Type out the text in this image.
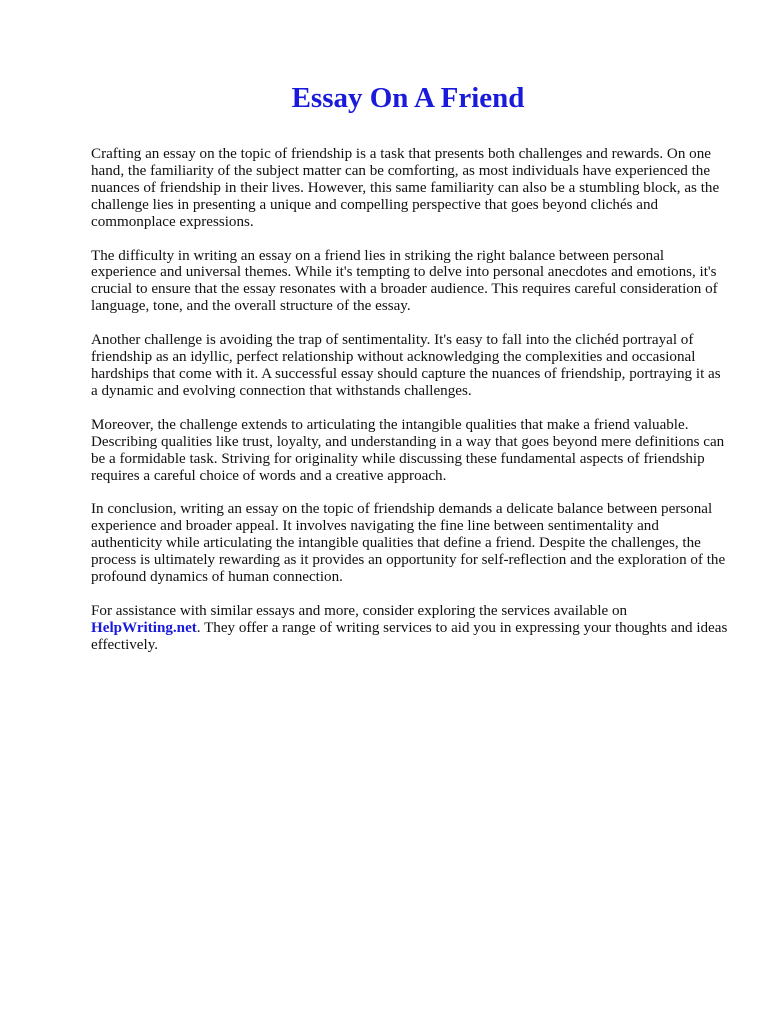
Essay On A Friend

Crafting an essay on the topic of friendship is a task that presents both challenges and rewards. On one hand, the familiarity of the subject matter can be comforting, as most individuals have experienced the nuances of friendship in their lives. However, this same familiarity can also be a stumbling block, as the challenge lies in presenting a unique and compelling perspective that goes beyond clichés and commonplace expressions.

The difficulty in writing an essay on a friend lies in striking the right balance between personal experience and universal themes. While it's tempting to delve into personal anecdotes and emotions, it's crucial to ensure that the essay resonates with a broader audience. This requires careful consideration of language, tone, and the overall structure of the essay.

Another challenge is avoiding the trap of sentimentality. It's easy to fall into the clichéd portrayal of friendship as an idyllic, perfect relationship without acknowledging the complexities and occasional hardships that come with it. A successful essay should capture the nuances of friendship, portraying it as a dynamic and evolving connection that withstands challenges.

Moreover, the challenge extends to articulating the intangible qualities that make a friend valuable. Describing qualities like trust, loyalty, and understanding in a way that goes beyond mere definitions can be a formidable task. Striving for originality while discussing these fundamental aspects of friendship requires a careful choice of words and a creative approach.

In conclusion, writing an essay on the topic of friendship demands a delicate balance between personal experience and broader appeal. It involves navigating the fine line between sentimentality and authenticity while articulating the intangible qualities that define a friend. Despite the challenges, the process is ultimately rewarding as it provides an opportunity for self-reflection and the exploration of the profound dynamics of human connection.

For assistance with similar essays and more, consider exploring the services available on HelpWriting.net. They offer a range of writing services to aid you in expressing your thoughts and ideas effectively.
